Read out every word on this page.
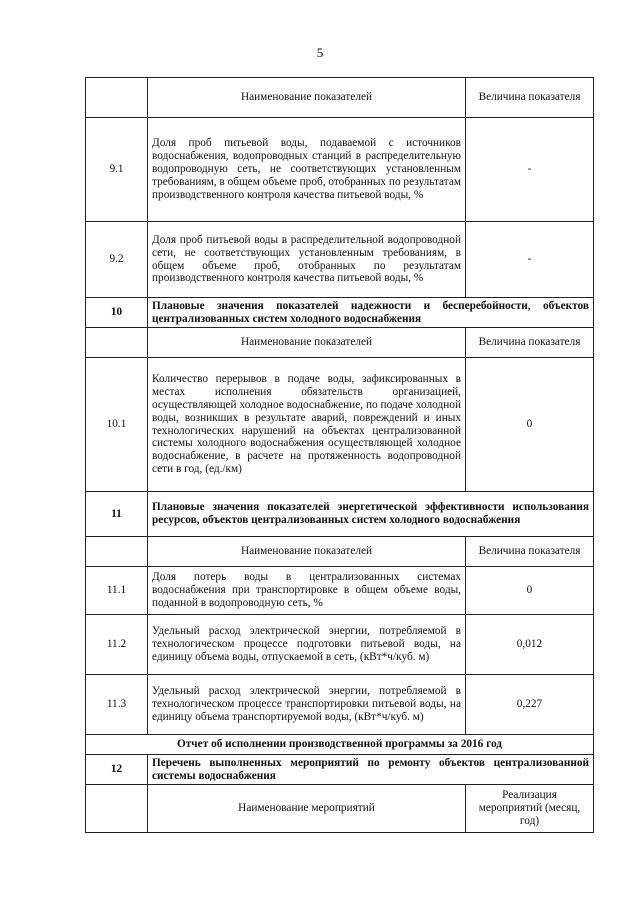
5
	Наименование показателей	Величина показателя
9.1	Доля проб питьевой воды, подаваемой с источников водоснабжения, водопроводных станций в распределительную водопроводную сеть, не соответствующих установленным требованиям, в общем объеме проб, отобранных по результатам производственного контроля качества питьевой воды, %	-
9.2	Доля проб питьевой воды в распределительной водопроводной сети, не соответствующих установленным требованиям, в общем объеме проб, отобранных по результатам производственного контроля качества питьевой воды, %	-
10	Плановые значения показателей надежности и бесперебойности, объектов централизованных систем холодного водоснабжения	
	Наименование показателей	Величина показателя
10.1	Количество перерывов в подаче воды, зафиксированных в местах исполнения обязательств организацией, осуществляющей холодное водоснабжение, по подаче холодной воды, возникших в результате аварий, повреждений и иных технологических нарушений на объектах централизованной системы холодного водоснабжения осуществляющей холодное водоснабжение, в расчете на протяженность водопроводной сети в год, (ед./км)	0
11	Плановые значения показателей энергетической эффективности использования ресурсов, объектов централизованных систем холодного водоснабжения	
	Наименование показателей	Величина показателя
11.1	Доля потерь воды в централизованных системах водоснабжения при транспортировке в общем объеме воды, поданной в водопроводную сеть, %	0
11.2	Удельный расход электрической энергии, потребляемой в технологическом процессе подготовки питьевой воды, на единицу объема воды, отпускаемой в сеть, (кВт*ч/куб. м)	0,012
11.3	Удельный расход электрической энергии, потребляемой в технологическом процессе транспортировки питьевой воды, на единицу объема транспортируемой воды, (кВт*ч/куб. м)	0,227
Отчет об исполнении производственной программы за 2016 год		
12	Перечень выполненных мероприятий по ремонту объектов централизованной системы водоснабжения	
	Наименование мероприятий	Реализация мероприятий (месяц, год)
